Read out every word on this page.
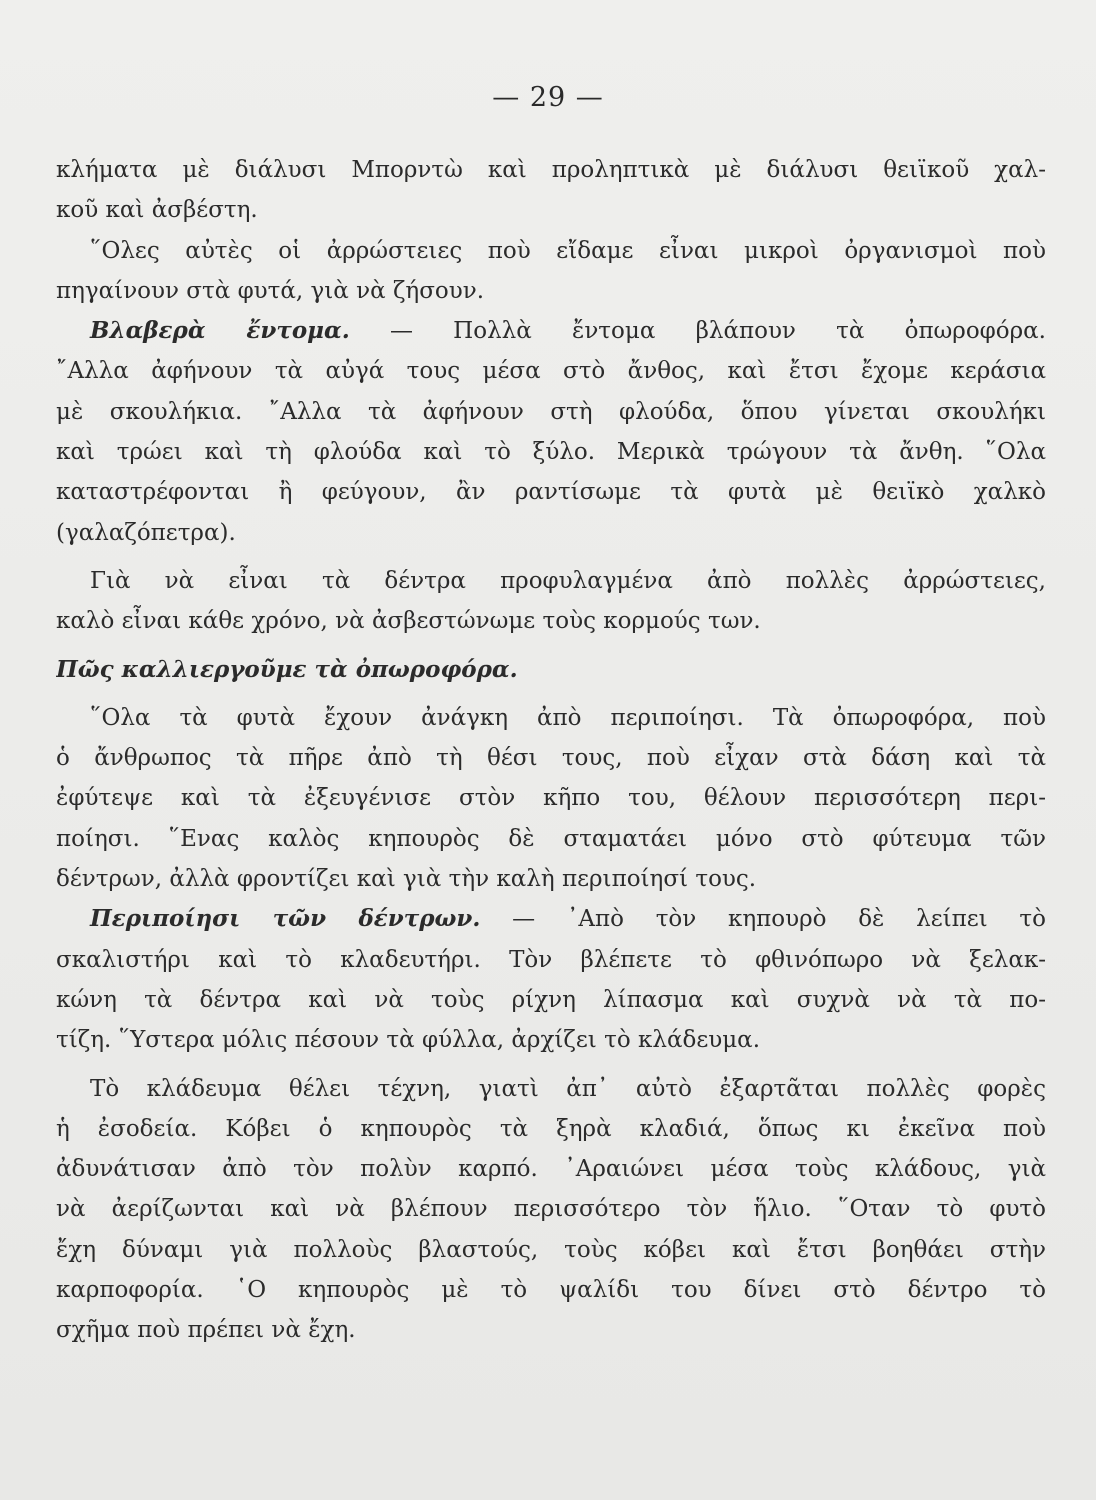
— 29 —
κλήματα μὲ διάλυσι Μπορντὼ καὶ προληπτικὰ μὲ διάλυσι θειϊκοῦ χαλ-
κοῦ καὶ ἀσβέστη.
῞Ολες αὐτὲς οἱ ἀρρώστειες ποὺ εἴδαμε εἶναι μικροὶ ὀργανισμοὶ ποὺ
πηγαίνουν στὰ φυτά, γιὰ νὰ ζήσουν.
Βλαβερὰ ἔντομα. — Πολλὰ ἔντομα βλάπουν τὰ ὀπωροφόρα.
῎Αλλα ἀφήνουν τὰ αὐγά τους μέσα στὸ ἄνθος, καὶ ἔτσι ἔχομε κεράσια
μὲ σκουλήκια. ῎Αλλα τὰ ἀφήνουν στὴ φλούδα, ὅπου γίνεται σκουλήκι
καὶ τρώει καὶ τὴ φλούδα καὶ τὸ ξύλο. Μερικὰ τρώγουν τὰ ἄνθη. ῞Ολα
καταστρέφονται ἢ φεύγουν, ἂν ραντίσωμε τὰ φυτὰ μὲ θειϊκὸ χαλκὸ
(γαλαζόπετρα).
Γιὰ νὰ εἶναι τὰ δέντρα προφυλαγμένα ἀπὸ πολλὲς ἀρρώστειες,
καλὸ εἶναι κάθε χρόνο, νὰ ἀσβεστώνωμε τοὺς κορμούς των.
Πῶς καλλιεργοῦμε τὰ ὀπωροφόρα.
῞Ολα τὰ φυτὰ ἔχουν ἀνάγκη ἀπὸ περιποίησι. Τὰ ὀπωροφόρα, ποὺ
ὁ ἄνθρωπος τὰ πῆρε ἀπὸ τὴ θέσι τους, ποὺ εἶχαν στὰ δάση καὶ τὰ
ἐφύτεψε καὶ τὰ ἐξευγένισε στὸν κῆπο του, θέλουν περισσότερη περι-
ποίησι. ῞Ενας καλὸς κηπουρὸς δὲ σταματάει μόνο στὸ φύτευμα τῶν
δέντρων, ἀλλὰ φροντίζει καὶ γιὰ τὴν καλὴ περιποίησί τους.
Περιποίησι τῶν δέντρων. — ᾿Απὸ τὸν κηπουρὸ δὲ λείπει τὸ
σκαλιστήρι καὶ τὸ κλαδευτήρι. Τὸν βλέπετε τὸ φθινόπωρο νὰ ξελακ-
κώνη τὰ δέντρα καὶ νὰ τοὺς ρίχνη λίπασμα καὶ συχνὰ νὰ τὰ πο-
τίζη. ῞Υστερα μόλις πέσουν τὰ φύλλα, ἀρχίζει τὸ κλάδευμα.
Τὸ κλάδευμα θέλει τέχνη, γιατὶ ἀπ᾿ αὐτὸ ἐξαρτᾶται πολλὲς φορὲς
ἡ ἐσοδεία. Κόβει ὁ κηπουρὸς τὰ ξηρὰ κλαδιά, ὅπως κι ἐκεῖνα ποὺ
ἀδυνάτισαν ἀπὸ τὸν πολὺν καρπό. ᾿Αραιώνει μέσα τοὺς κλάδους, γιὰ
νὰ ἀερίζωνται καὶ νὰ βλέπουν περισσότερο τὸν ἥλιο. ῞Οταν τὸ φυτὸ
ἔχη δύναμι γιὰ πολλοὺς βλαστούς, τοὺς κόβει καὶ ἔτσι βοηθάει στὴν
καρποφορία. ῾Ο κηπουρὸς μὲ τὸ ψαλίδι του δίνει στὸ δέντρο τὸ
σχῆμα ποὺ πρέπει νὰ ἔχη.
